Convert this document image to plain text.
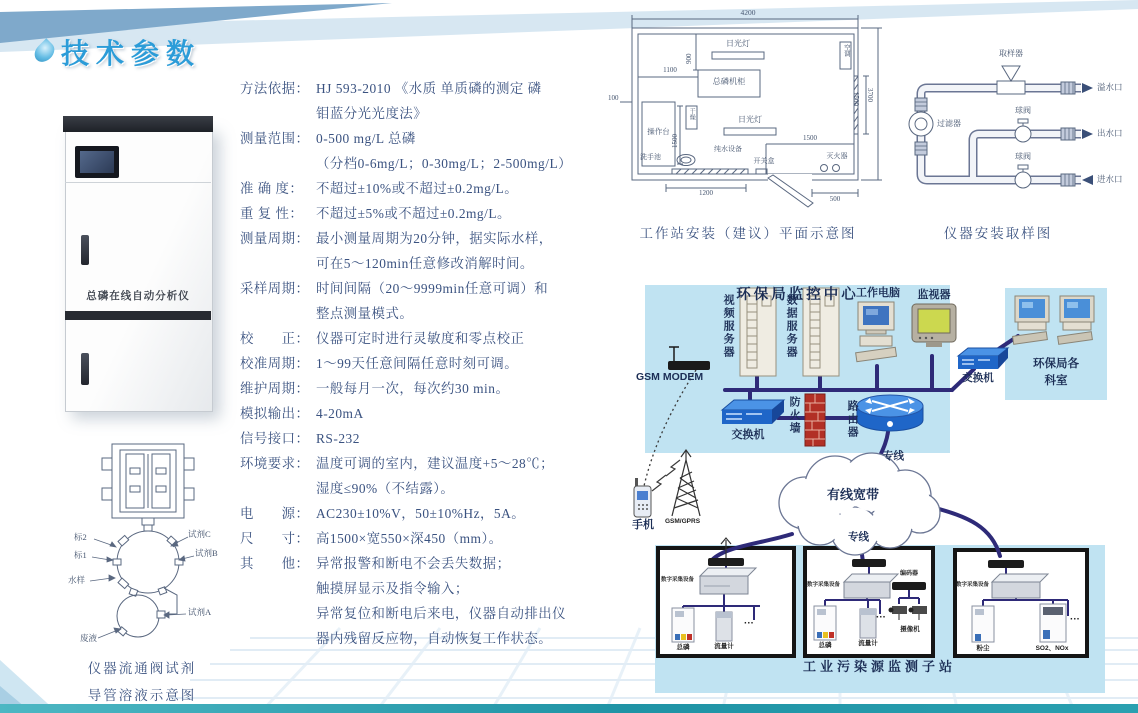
技术参数
总磷在线自动分析仪
方法依据： HJ 593-2010 《水质 单质磷的测定 磷
钼蓝分光光度法》
测量范围： 0-500 mg/L 总磷
（分档0-6mg/L；0-30mg/L；2-500mg/L）
准 确 度： 不超过±10%或不超过±0.2mg/L。
重 复 性： 不超过±5%或不超过±0.2mg/L。
测量周期： 最小测量周期为20分钟，据实际水样，
可在5～120min任意修改消解时间。
采样周期： 时间间隔（20～9999min任意可调）和
整点测量模式。
校　　正： 仪器可定时进行灵敏度和零点校正
校准周期： 1～99天任意间隔任意时刻可调。
维护周期： 一般每月一次，每次约30 min。
模拟输出： 4-20mA
信号接口： RS-232
环境要求： 温度可调的室内，建议温度+5～28℃；
湿度≤90%（不结露）。
电　　源： AC230±10%V，50±10%Hz，5A。
尺　　寸： 高1500×宽550×深450（mm）。
其　　他： 异常报警和断电不会丢失数据；
触摸屏显示及指令输入；
异常复位和断电后来电，仪器自动排出仪
器内残留反应物，自动恢复工作状态。
4200
3700
1500
900
1100
100
1500	1500
1200
500
日光灯
日光灯
总磷机柜
操作台
干燥
空调
洗手池
纯水设备
开关盒
灭火器
工作站安装（建议）平面示意图
取样器
溢水口
球阀
出水口
球阀
进水口
过滤器
仪器安装取样图
标2
标1
水样
试剂C
试剂B
试剂A
废液
仪器流通阀试剂
导管溶液示意图
环保局监控中心
GSM MODEM
视频服务器	数据服务器
工作电脑	监视器
交换机	防火墙	路由器
专线
有线宽带
手机	GSM/GPRS
交换机
环保局各
科室
专线
工业污染源监测子站
数字采集设备
数字采集设备	数字采集设备
总磷	总磷
流量计	流量计
···
···	···
编码器
摄像机
粉尘	SO2、NOx
